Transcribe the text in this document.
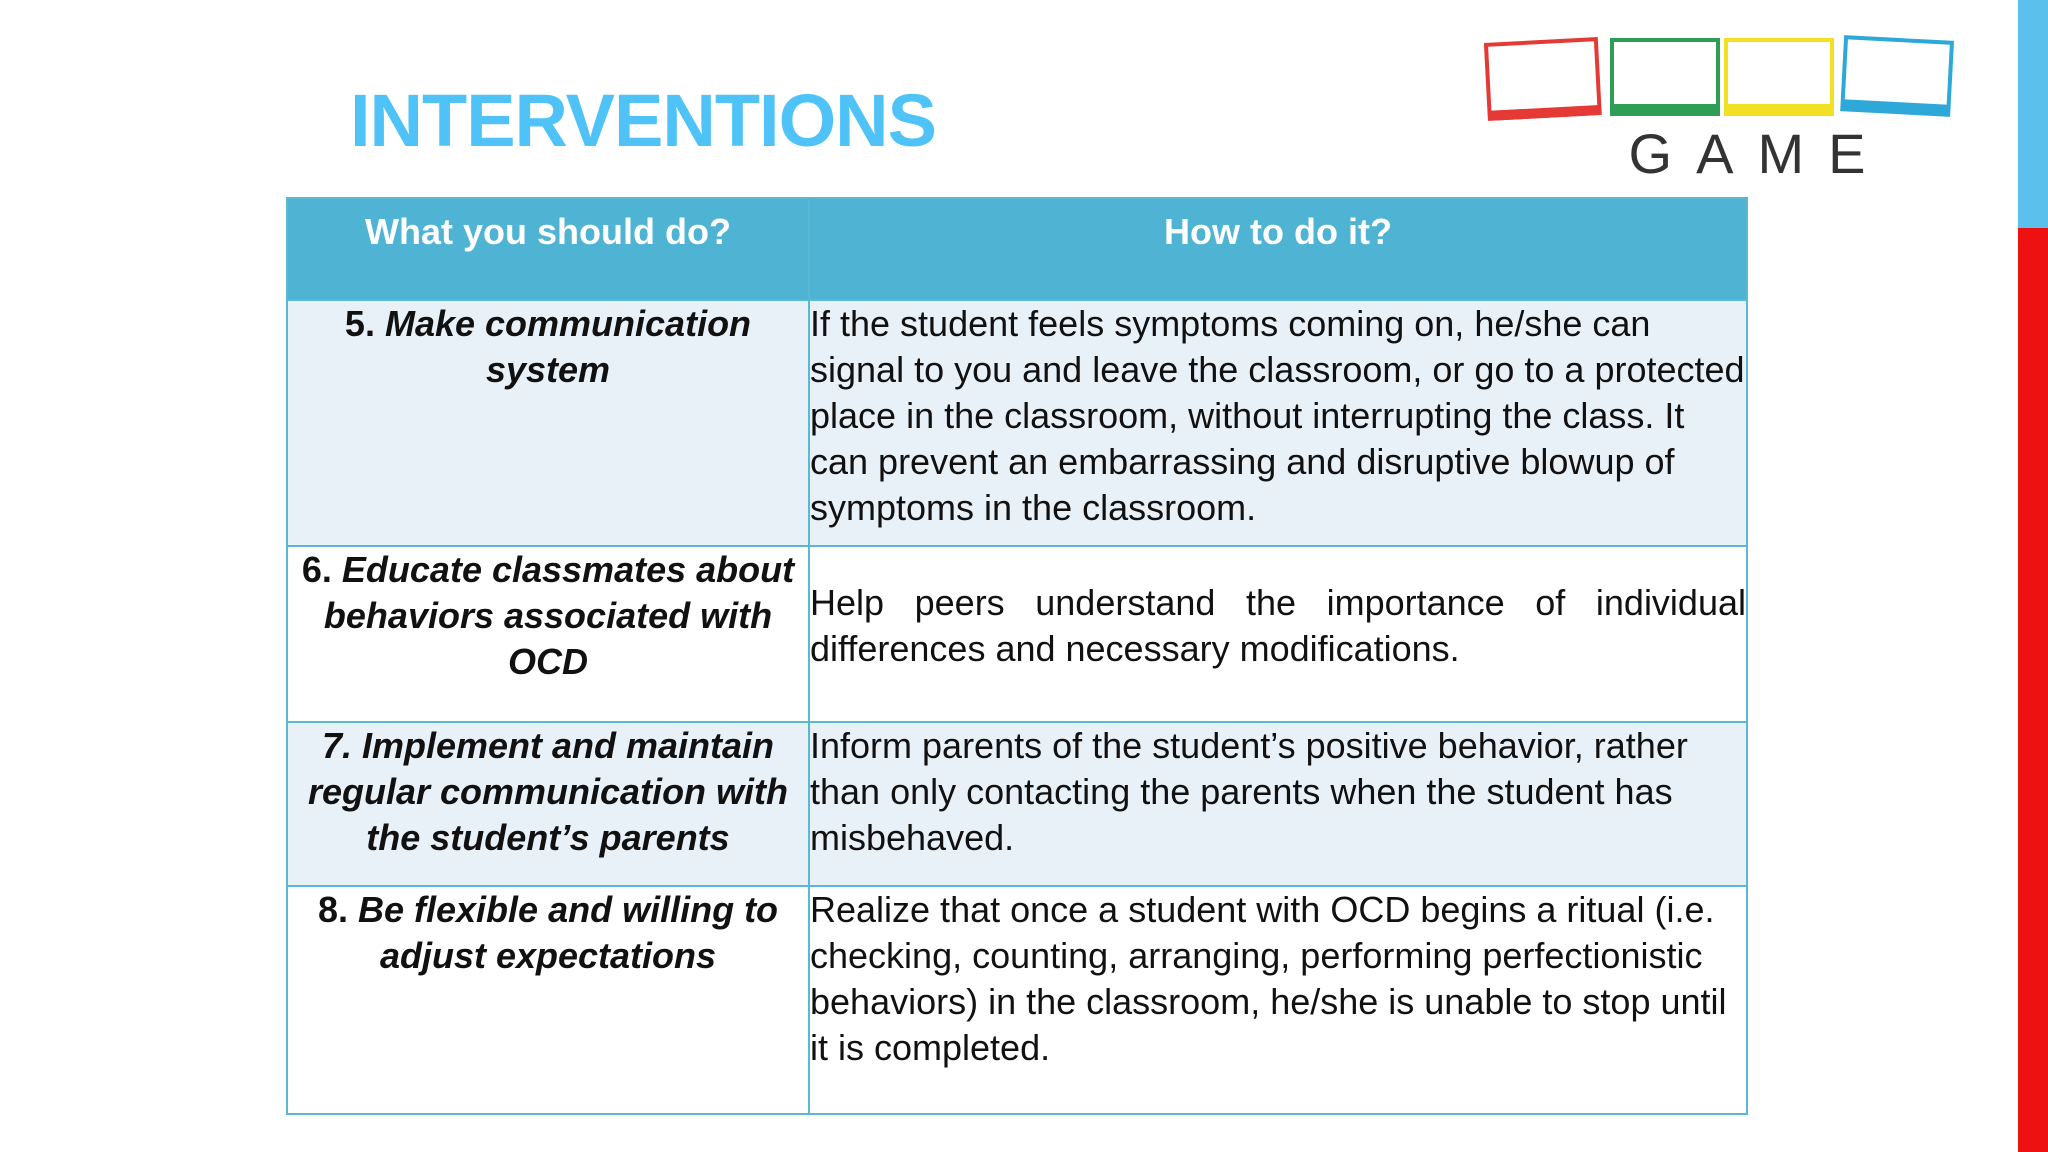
INTERVENTIONS	GAME
What you should do?	How to do it?
5. Make communication system	If the student feels symptoms coming on, he/she can signal to you and leave the classroom, or go to a protected place in the classroom, without interrupting the class. It can prevent an embarrassing and disruptive blowup of symptoms in the classroom.
6. Educate classmates about behaviors associated with OCD	Help peers understand the importance of individual differences and necessary modifications.
7. Implement and maintain regular communication with the student’s parents	Inform parents of the student’s positive behavior, rather than only contacting the parents when the student has misbehaved.
8. Be flexible and willing to adjust expectations	Realize that once a student with OCD begins a ritual (i.e. checking, counting, arranging, performing perfectionistic behaviors) in the classroom, he/she is unable to stop until it is completed.
